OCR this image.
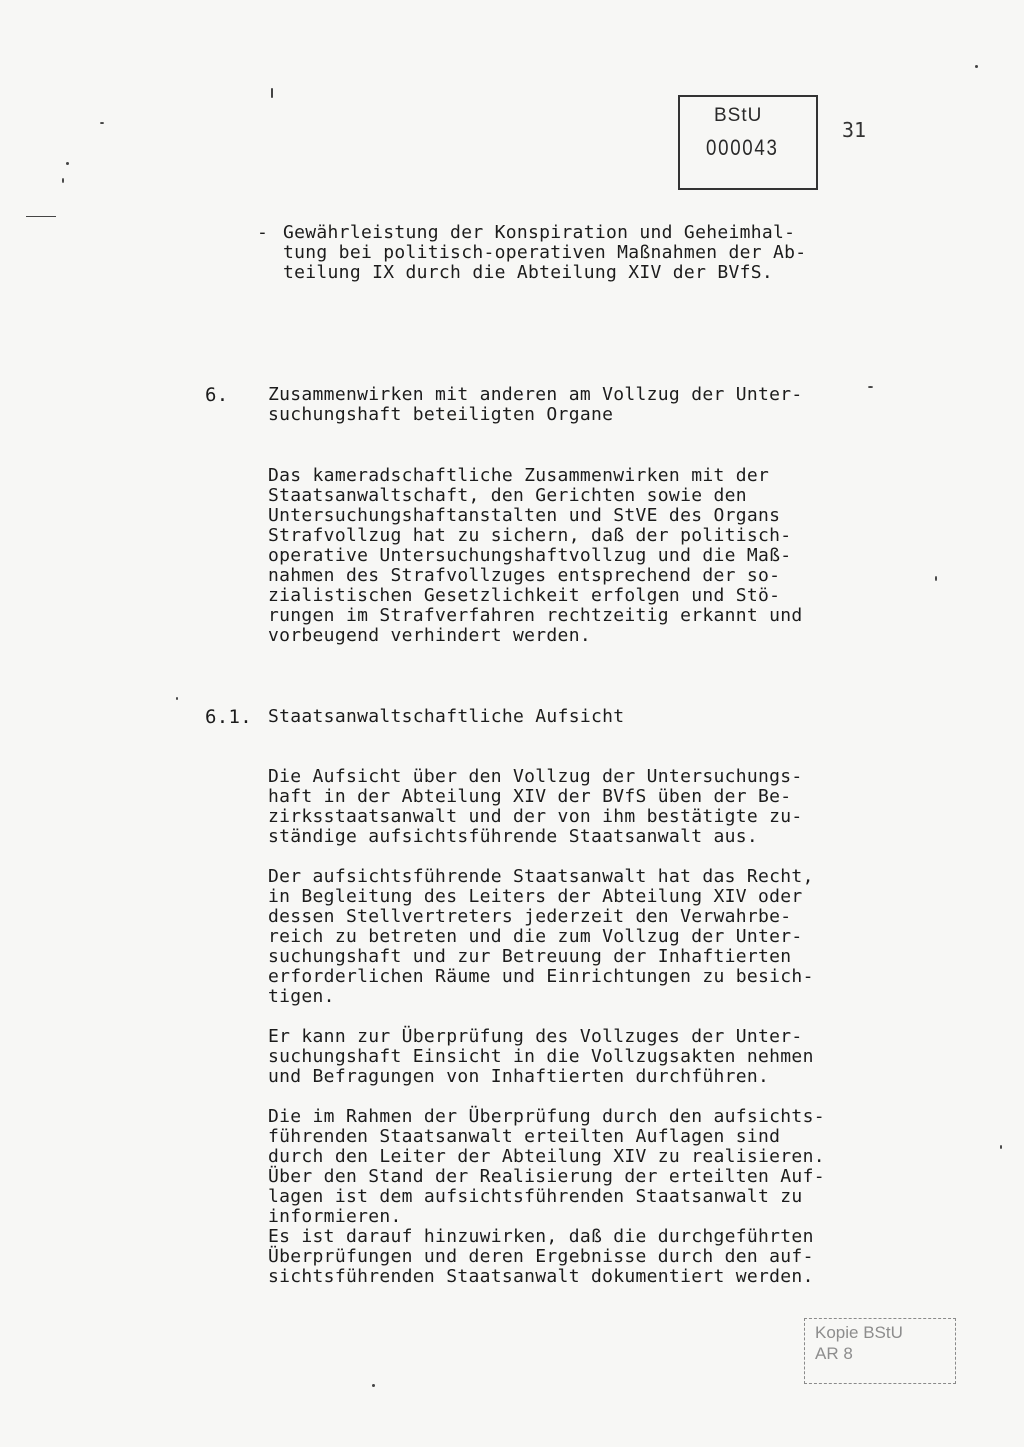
BStU
000043
31
- Gewährleistung der Konspiration und Geheimhal-
tung bei politisch-operativen Maßnahmen der Ab-
teilung IX durch die Abteilung XIV der BVfS.
6. Zusammenwirken mit anderen am Vollzug der Unter-
suchungshaft beteiligten Organe
Das kameradschaftliche Zusammenwirken mit der
Staatsanwaltschaft, den Gerichten sowie den
Untersuchungshaftanstalten und StVE des Organs
Strafvollzug hat zu sichern, daß der politisch-
operative Untersuchungshaftvollzug und die Maß-
nahmen des Strafvollzuges entsprechend der so-
zialistischen Gesetzlichkeit erfolgen und Stö-
rungen im Strafverfahren rechtzeitig erkannt und
vorbeugend verhindert werden.
6.1. Staatsanwaltschaftliche Aufsicht
Die Aufsicht über den Vollzug der Untersuchungs-
haft in der Abteilung XIV der BVfS üben der Be-
zirksstaatsanwalt und der von ihm bestätigte zu-
ständige aufsichtsführende Staatsanwalt aus.
Der aufsichtsführende Staatsanwalt hat das Recht,
in Begleitung des Leiters der Abteilung XIV oder
dessen Stellvertreters jederzeit den Verwahrbe-
reich zu betreten und die zum Vollzug der Unter-
suchungshaft und zur Betreuung der Inhaftierten
erforderlichen Räume und Einrichtungen zu besich-
tigen.
Er kann zur Überprüfung des Vollzuges der Unter-
suchungshaft Einsicht in die Vollzugsakten nehmen
und Befragungen von Inhaftierten durchführen.
Die im Rahmen der Überprüfung durch den aufsichts-
führenden Staatsanwalt erteilten Auflagen sind
durch den Leiter der Abteilung XIV zu realisieren.
Über den Stand der Realisierung der erteilten Auf-
lagen ist dem aufsichtsführenden Staatsanwalt zu
informieren.
Es ist darauf hinzuwirken, daß die durchgeführten
Überprüfungen und deren Ergebnisse durch den auf-
sichtsführenden Staatsanwalt dokumentiert werden.
Kopie BStU
AR 8
